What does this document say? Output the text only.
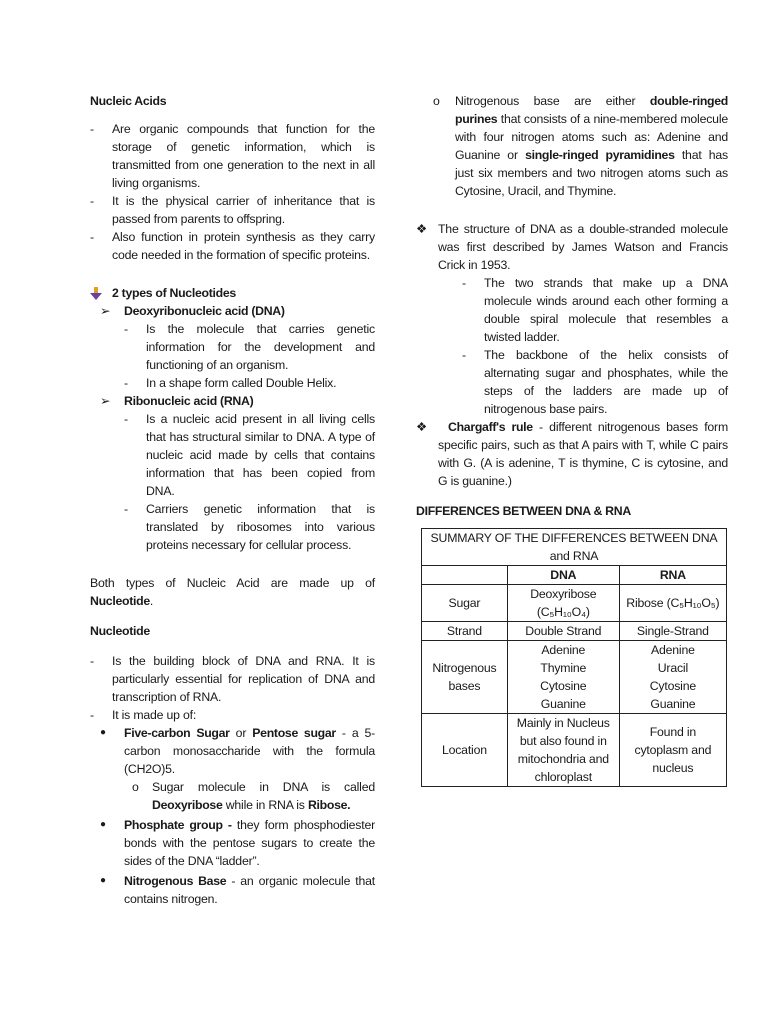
Nucleic Acids

- Are organic compounds that function for the storage of genetic information, which is transmitted from one generation to the next in all living organisms.
- It is the physical carrier of inheritance that is passed from parents to offspring.
- Also function in protein synthesis as they carry code needed in the formation of specific proteins.
2 types of Nucleotides
➢ Deoxyribonucleic acid (DNA)
- Is the molecule that carries genetic information for the development and functioning of an organism.
- In a shape form called Double Helix.
➢ Ribonucleic acid (RNA)
- Is a nucleic acid present in all living cells that has structural similar to DNA. A type of nucleic acid made by cells that contains information that has been copied from DNA.
- Carriers genetic information that is translated by ribosomes into various proteins necessary for cellular process.

Both types of Nucleic Acid are made up of Nucleotide.

Nucleotide

- Is the building block of DNA and RNA. It is particularly essential for replication of DNA and transcription of RNA.
- It is made up of:
● Five-carbon Sugar or Pentose sugar - a 5-carbon monosaccharide with the formula (CH2O)5.
o Sugar molecule in DNA is called Deoxyribose while in RNA is Ribose.
● Phosphate group - they form phosphodiester bonds with the pentose sugars to create the sides of the DNA “ladder”.
● Nitrogenous Base - an organic molecule that contains nitrogen.
o Nitrogenous base are either double-ringed purines that consists of a nine-membered molecule with four nitrogen atoms such as: Adenine and Guanine or single-ringed pyramidines that has just six members and two nitrogen atoms such as Cytosine, Uracil, and Thymine.
❖ The structure of DNA as a double-stranded molecule was first described by James Watson and Francis Crick in 1953.
- The two strands that make up a DNA molecule winds around each other forming a double spiral molecule that resembles a twisted ladder.
- The backbone of the helix consists of alternating sugar and phosphates, while the steps of the ladders are made up of nitrogenous base pairs.
❖ Chargaff's rule - different nitrogenous bases form specific pairs, such as that A pairs with T, while C pairs with G. (A is adenine, T is thymine, C is cytosine, and G is guanine.)

DIFFERENCES BETWEEN DNA & RNA

SUMMARY OF THE DIFFERENCES BETWEEN DNA and RNA		
	DNA	RNA
Sugar	Deoxyribose (C₅H₁₀O₄)	Ribose (C₅H₁₀O₅)
Strand	Double Strand	Single-Strand
Nitrogenous bases	Adenine Thymine Cytosine Guanine	Adenine Uracil Cytosine Guanine
Location	Mainly in Nucleus but also found in mitochondria and chloroplast	Found in cytoplasm and nucleus
